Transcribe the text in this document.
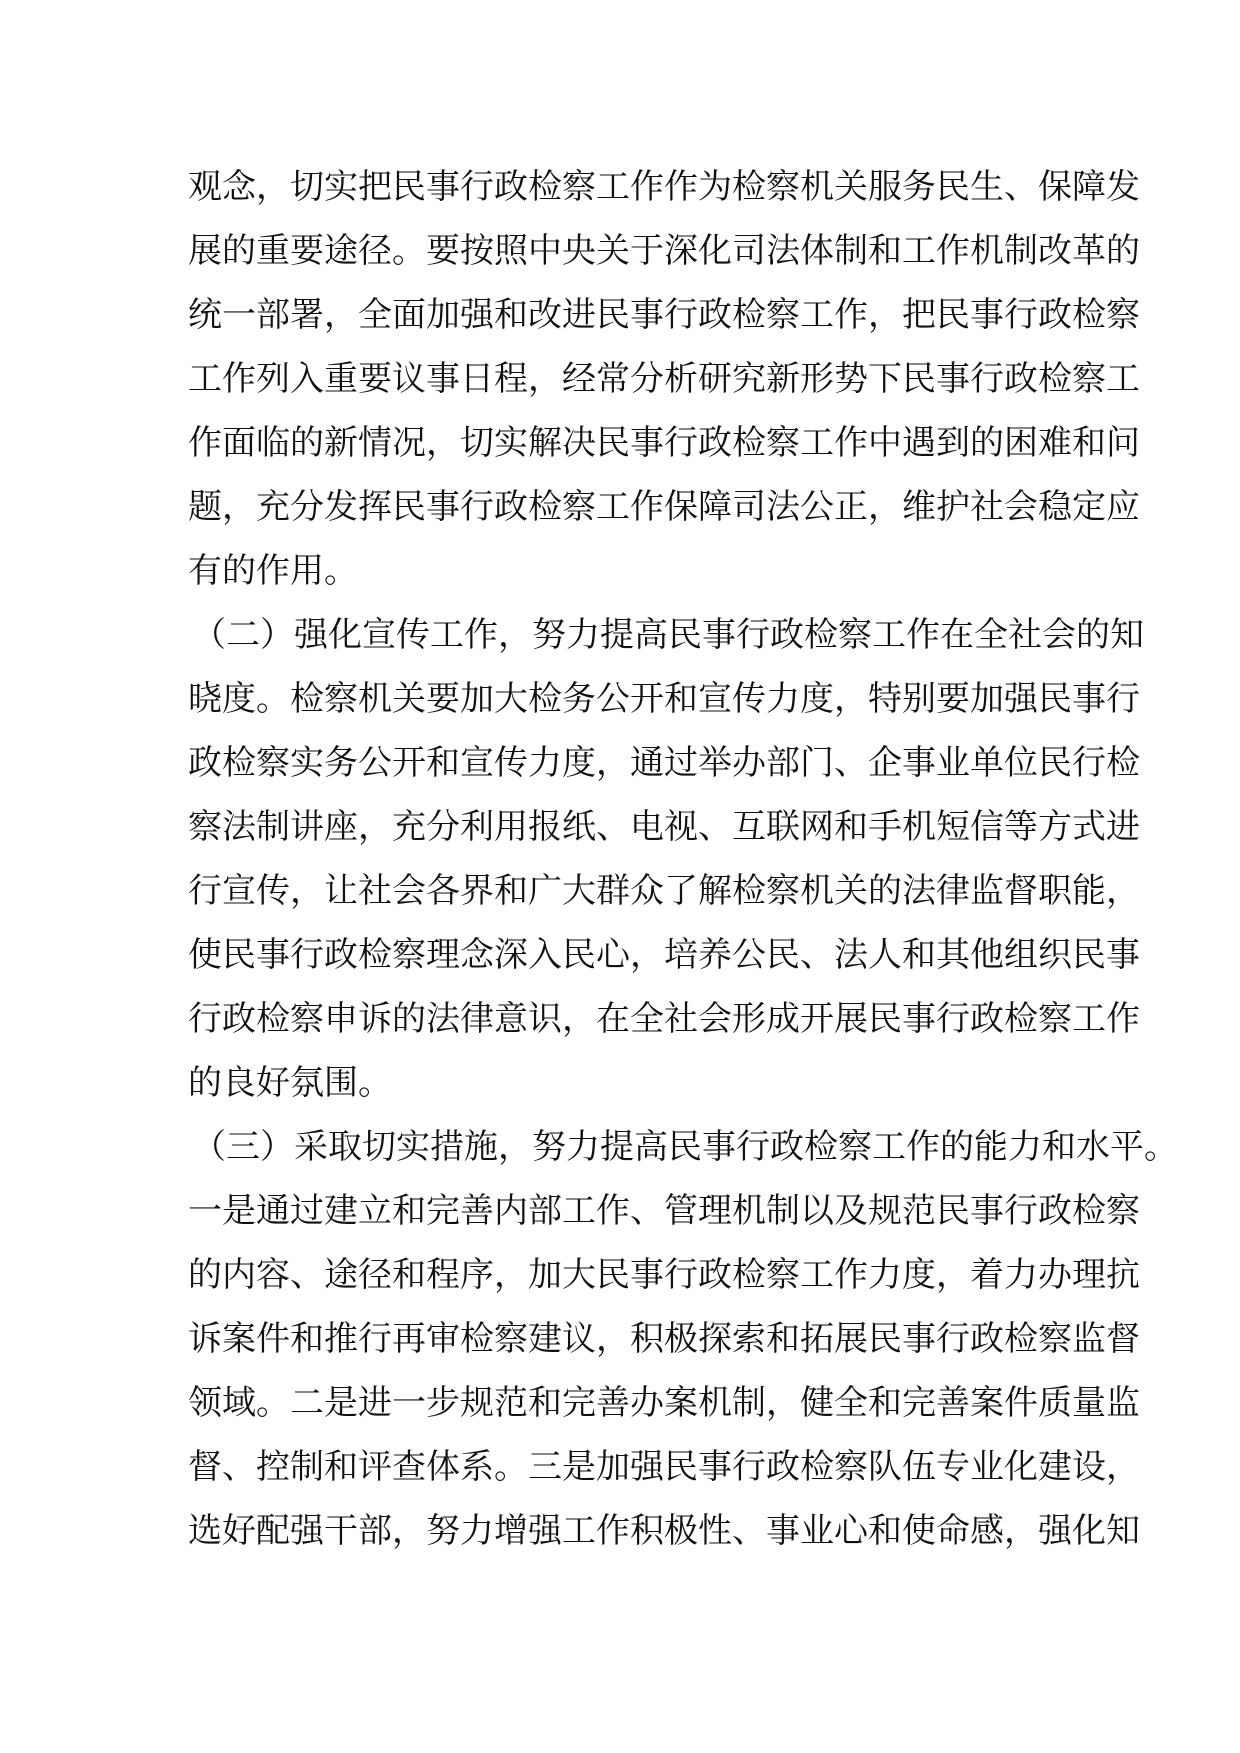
观念，切实把民事行政检察工作作为检察机关服务民生、保障发
展的重要途径。要按照中央关于深化司法体制和工作机制改革的
统一部署，全面加强和改进民事行政检察工作，把民事行政检察
工作列入重要议事日程，经常分析研究新形势下民事行政检察工
作面临的新情况，切实解决民事行政检察工作中遇到的困难和问
题，充分发挥民事行政检察工作保障司法公正，维护社会稳定应
有的作用。
（二）强化宣传工作，努力提高民事行政检察工作在全社会的知
晓度。检察机关要加大检务公开和宣传力度，特别要加强民事行
政检察实务公开和宣传力度，通过举办部门、企事业单位民行检
察法制讲座，充分利用报纸、电视、互联网和手机短信等方式进
行宣传，让社会各界和广大群众了解检察机关的法律监督职能，
使民事行政检察理念深入民心，培养公民、法人和其他组织民事
行政检察申诉的法律意识，在全社会形成开展民事行政检察工作
的良好氛围。
（三）采取切实措施，努力提高民事行政检察工作的能力和水平。
一是通过建立和完善内部工作、管理机制以及规范民事行政检察
的内容、途径和程序，加大民事行政检察工作力度，着力办理抗
诉案件和推行再审检察建议，积极探索和拓展民事行政检察监督
领域。二是进一步规范和完善办案机制，健全和完善案件质量监
督、控制和评查体系。三是加强民事行政检察队伍专业化建设，
选好配强干部，努力增强工作积极性、事业心和使命感，强化知
